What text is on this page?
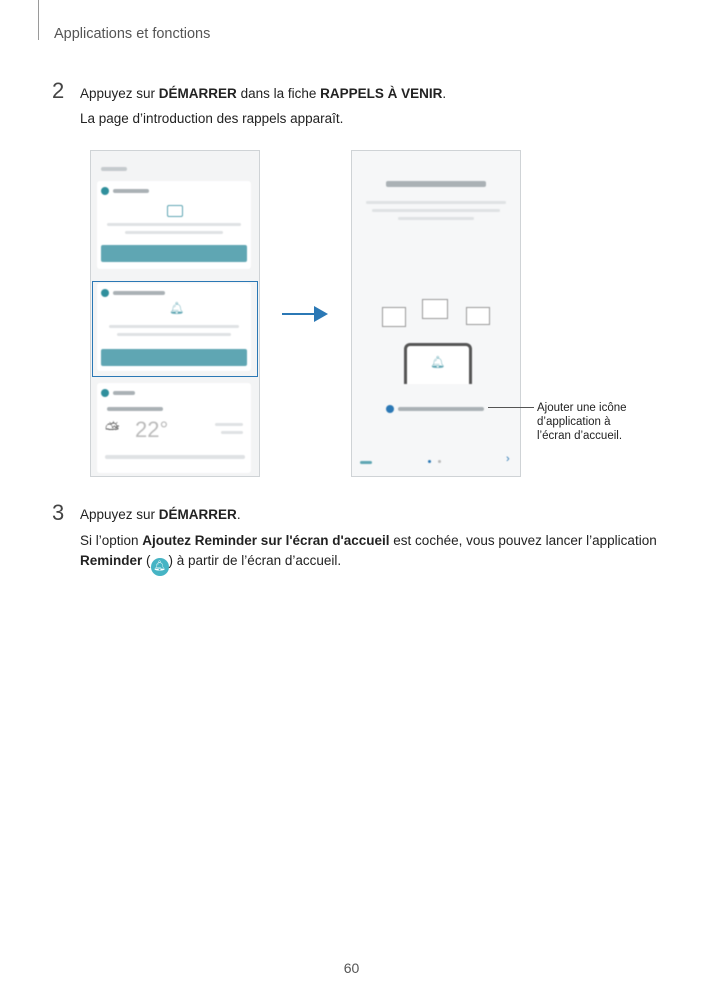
Applications et fonctions
2 Appuyez sur DÉMARRER dans la fiche RAPPELS À VENIR.
La page d’introduction des rappels apparaît.
🔔︎
⛅︎ 22°
🔔︎
›
Ajouter une icône d’application à l’écran d’accueil.
3 Appuyez sur DÉMARRER.
Si l’option Ajoutez Reminder sur l'écran d'accueil est cochée, vous pouvez lancer l’application
Reminder ( 🔔︎ ) à partir de l’écran d’accueil.
60
